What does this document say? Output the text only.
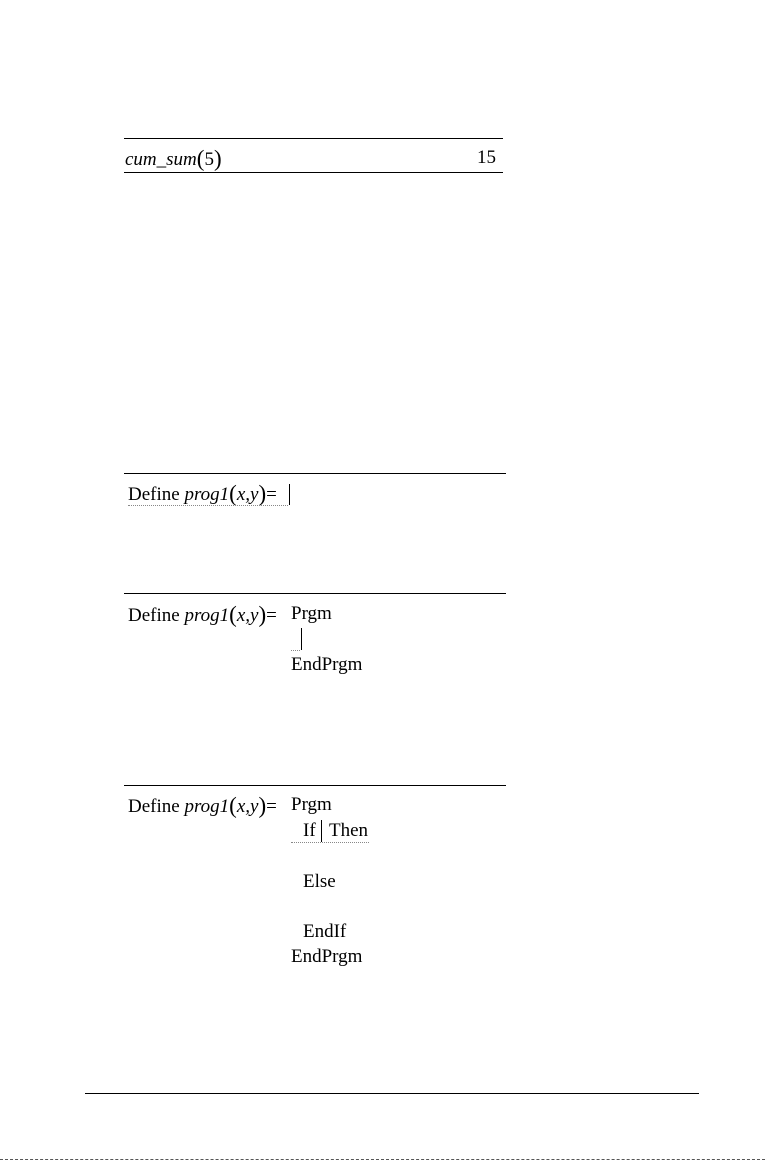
cum_sum(5)	15
Define prog1(x,y)=
Define prog1(x,y)= Prgm
EndPrgm
Define prog1(x,y)= Prgm
If Then
Else
EndIf
EndPrgm
